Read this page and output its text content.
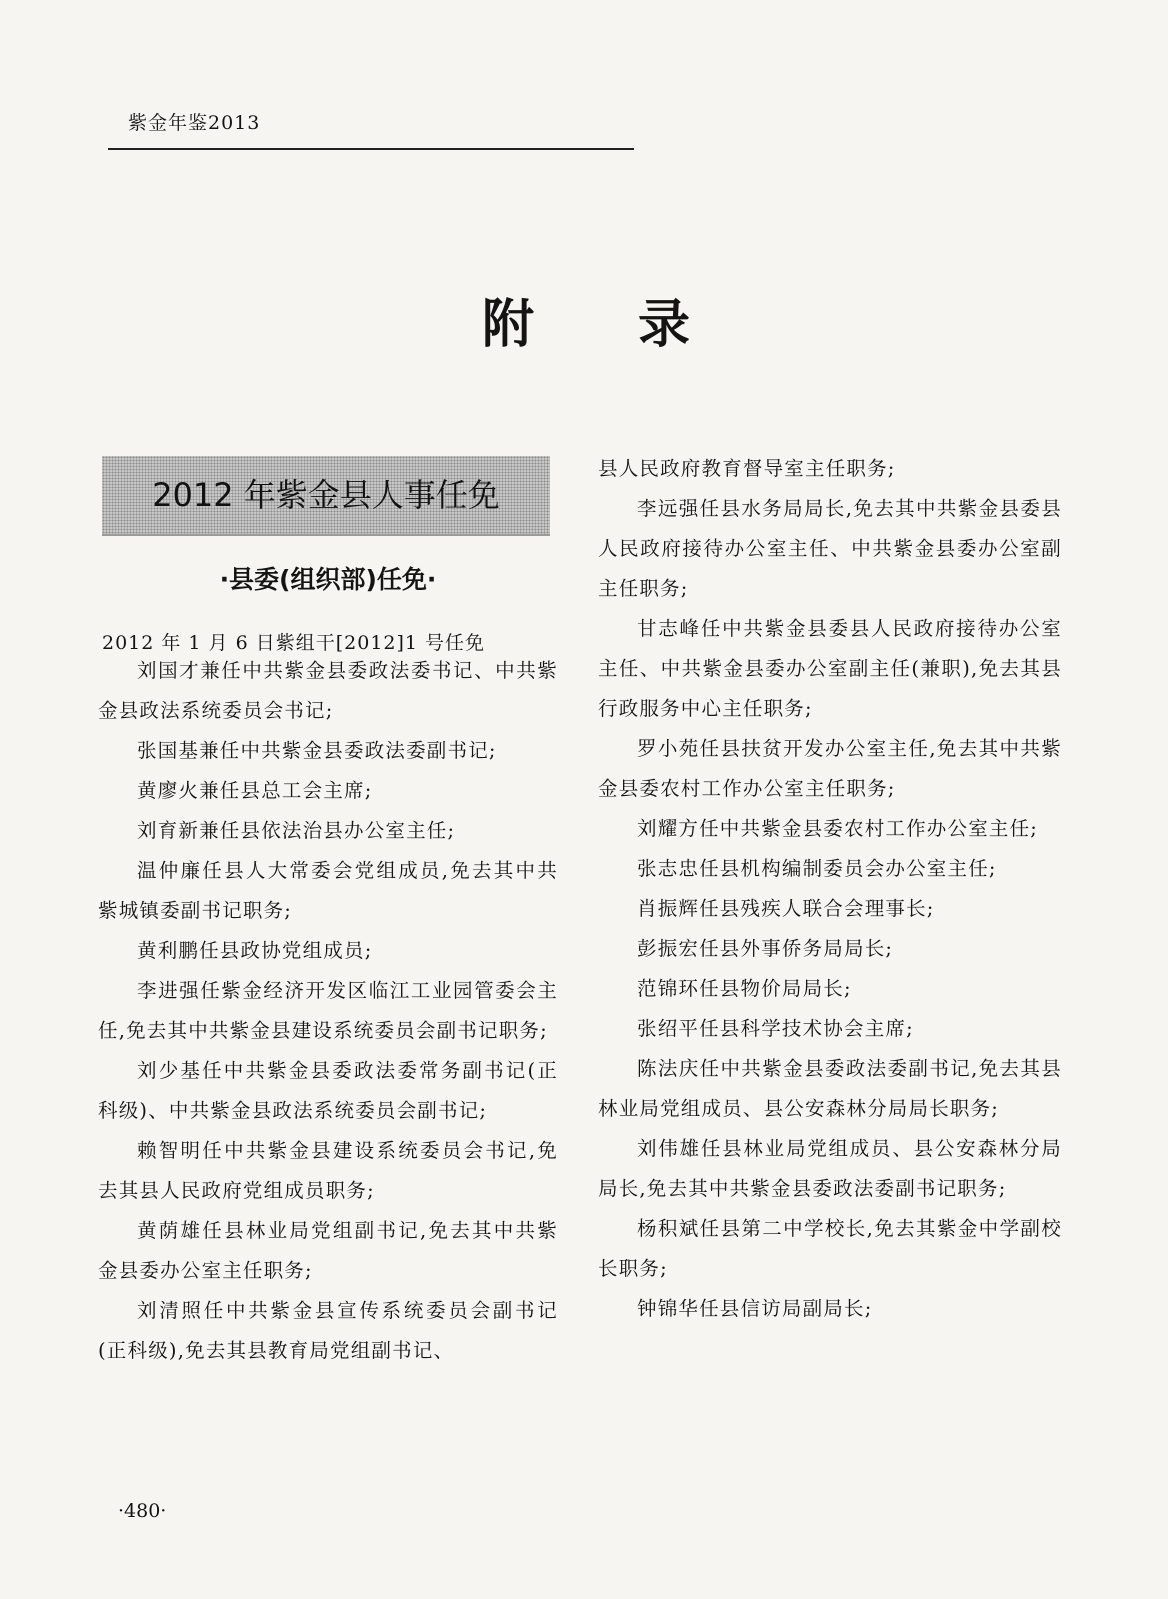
紫金年鉴2013
附 录
2012 年紫金县人事任免
·县委(组织部)任免·
2012 年 1 月 6 日紫组干[2012]1 号任免

刘国才兼任中共紫金县委政法委书记、中共紫金县政法系统委员会书记;

张国基兼任中共紫金县委政法委副书记;

黄廖火兼任县总工会主席;

刘育新兼任县依法治县办公室主任;

温仲廉任县人大常委会党组成员,免去其中共紫城镇委副书记职务;

黄利鹏任县政协党组成员;

李进强任紫金经济开发区临江工业园管委会主任,免去其中共紫金县建设系统委员会副书记职务;

刘少基任中共紫金县委政法委常务副书记(正科级)、中共紫金县政法系统委员会副书记;

赖智明任中共紫金县建设系统委员会书记,免去其县人民政府党组成员职务;

黄荫雄任县林业局党组副书记,免去其中共紫金县委办公室主任职务;

刘清照任中共紫金县宣传系统委员会副书记(正科级),免去其县教育局党组副书记、

县人民政府教育督导室主任职务;

李远强任县水务局局长,免去其中共紫金县委县人民政府接待办公室主任、中共紫金县委办公室副主任职务;

甘志峰任中共紫金县委县人民政府接待办公室主任、中共紫金县委办公室副主任(兼职),免去其县行政服务中心主任职务;

罗小苑任县扶贫开发办公室主任,免去其中共紫金县委农村工作办公室主任职务;

刘耀方任中共紫金县委农村工作办公室主任;

张志忠任县机构编制委员会办公室主任;

肖振辉任县残疾人联合会理事长;

彭振宏任县外事侨务局局长;

范锦环任县物价局局长;

张绍平任县科学技术协会主席;

陈法庆任中共紫金县委政法委副书记,免去其县林业局党组成员、县公安森林分局局长职务;

刘伟雄任县林业局党组成员、县公安森林分局局长,免去其中共紫金县委政法委副书记职务;

杨积斌任县第二中学校长,免去其紫金中学副校长职务;

钟锦华任县信访局副局长;

·480·
